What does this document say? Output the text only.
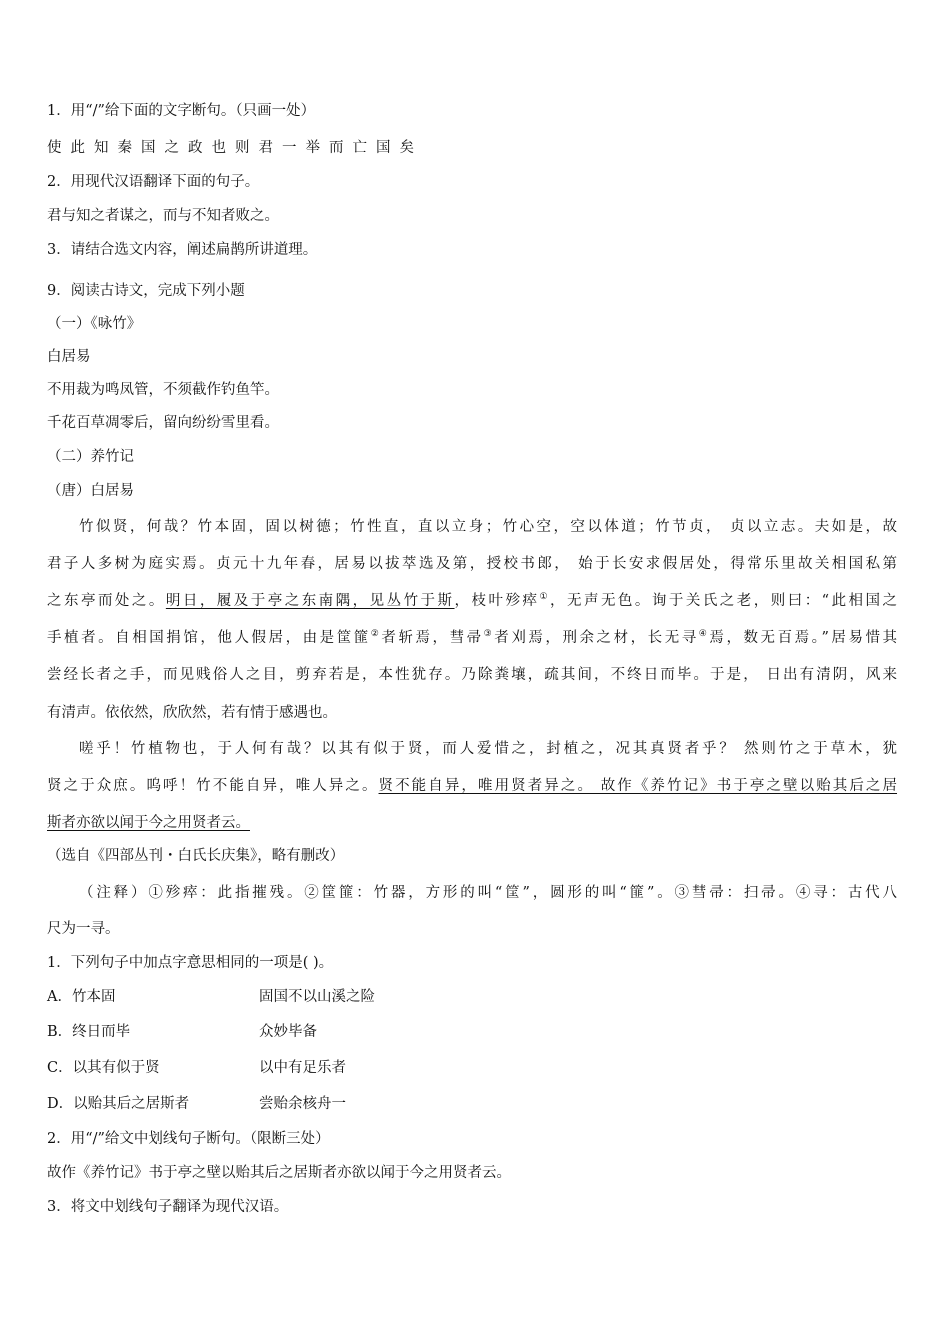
1．用“/”给下面的文字断句。（只画一处）
使此知秦国之政也则君一举而亡国矣
2．用现代汉语翻译下面的句子。
君与知之者谋之，而与不知者败之。
3．请结合选文内容，阐述扁鹊所讲道理。
9．阅读古诗文，完成下列小题
（一）《咏竹》
白居易
不用裁为鸣凤管，不须截作钓鱼竿。
千花百草凋零后，留向纷纷雪里看。
（二）养竹记
（唐）白居易
竹似贤，何哉？竹本固，固以树德；竹性直，直以立身；竹心空，空以体道；竹节贞， 贞以立志。夫如是，故
君子人多树为庭实焉。贞元十九年春，居易以拔萃选及第，授校书郎， 始于长安求假居处，得常乐里故关相国私第
之东亭而处之。明日，履及于亭之东南隅，见丛竹于斯，枝叶殄瘁①，无声无色。询于关氏之老，则曰：“此相国之
手植者。自相国捐馆，他人假居，由是筐篚②者斩焉，彗帚③者刈焉，刑余之材，长无寻④焉，数无百焉。”居易惜其
尝经长者之手，而见贱俗人之目，剪弃若是，本性犹存。乃除粪壤，疏其间，不终日而毕。于是， 日出有清阴，风来
有清声。依依然，欣欣然，若有情于感遇也。
嗟乎！竹植物也，于人何有哉？以其有似于贤，而人爱惜之，封植之，况其真贤者乎？ 然则竹之于草木，犹
贤之于众庶。呜呼！竹不能自异，唯人异之。贤不能自异，唯用贤者异之。 故作《养竹记》书于亭之壁以贻其后之居
斯者亦欲以闻于今之用贤者云。
（选自《四部丛刊・白氏长庆集》，略有删改）
（注释）①殄瘁：此指摧残。②筐篚：竹器，方形的叫“筐”，圆形的叫“篚”。③彗帚：扫帚。④寻：古代八
尺为一寻。
1．下列句子中加点字意思相同的一项是( )。
A．竹本固	固国不以山溪之险
B．终日而毕	众妙毕备
C．以其有似于贤	以中有足乐者
D．以贻其后之居斯者	尝贻余核舟一
2．用“/”给文中划线句子断句。（限断三处）
故作《养竹记》书于亭之壁以贻其后之居斯者亦欲以闻于今之用贤者云。
3．将文中划线句子翻译为现代汉语。
